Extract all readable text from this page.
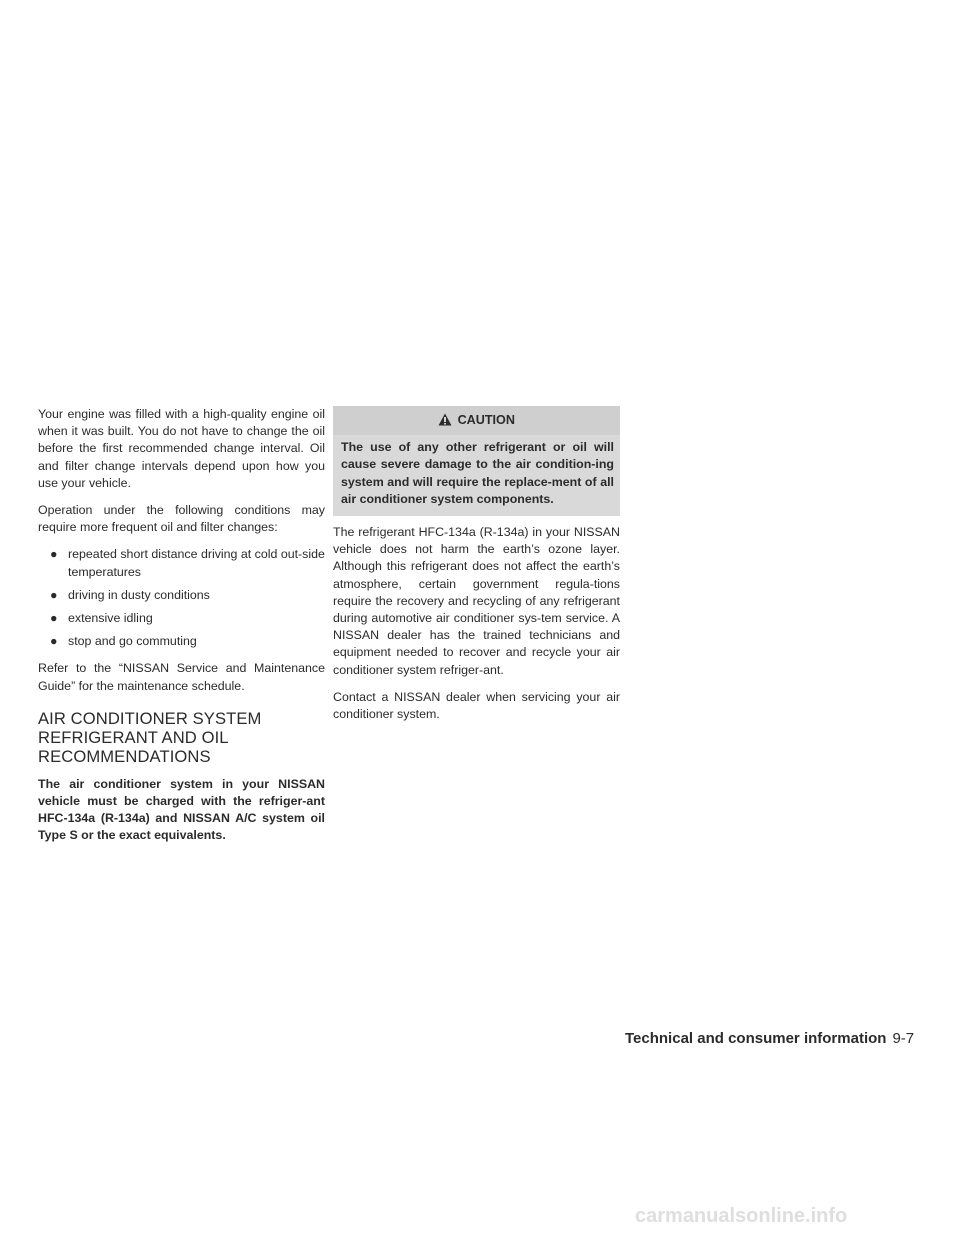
Your engine was filled with a high-quality engine oil when it was built. You do not have to change the oil before the first recommended change interval. Oil and filter change intervals depend upon how you use your vehicle.

Operation under the following conditions may require more frequent oil and filter changes:

● repeated short distance driving at cold out-side temperatures
● driving in dusty conditions
● extensive idling
● stop and go commuting

Refer to the “NISSAN Service and Maintenance Guide” for the maintenance schedule.

AIR CONDITIONER SYSTEM REFRIGERANT AND OIL RECOMMENDATIONS

The air conditioner system in your NISSAN vehicle must be charged with the refriger-ant HFC-134a (R-134a) and NISSAN A/C system oil Type S or the exact equivalents.

CAUTION
The use of any other refrigerant or oil will cause severe damage to the air condition-ing system and will require the replace-ment of all air conditioner system components.

The refrigerant HFC-134a (R-134a) in your NISSAN vehicle does not harm the earth’s ozone layer. Although this refrigerant does not affect the earth’s atmosphere, certain government regula-tions require the recovery and recycling of any refrigerant during automotive air conditioner sys-tem service. A NISSAN dealer has the trained technicians and equipment needed to recover and recycle your air conditioner system refriger-ant.

Contact a NISSAN dealer when servicing your air conditioner system.

Technical and consumer information 9-7
carmanualsonline.info
